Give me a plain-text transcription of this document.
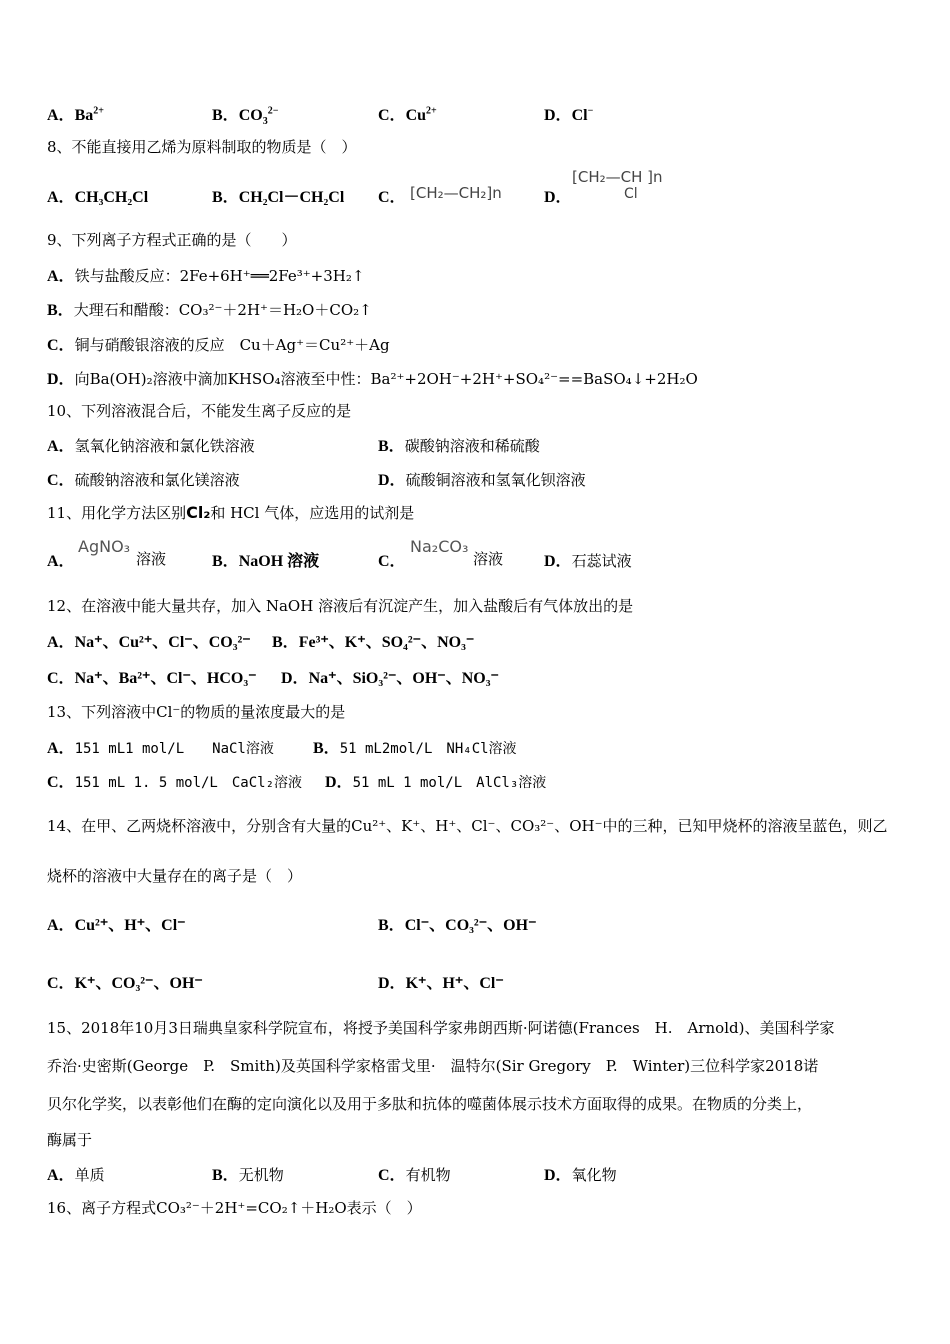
A．$Ba^{2+}$	B．$CO_3^{2-}$	C．$Cu^{2+}$	D．Cl−
8、不能直接用乙烯为原料制取的物质是（　）
A．CH₃CH₂Cl	B．CH₂Cl－CH₂Cl C． [CH₂—CH₂]n	D．
[CH₂—CH ]n
Cl
9、下列离子方程式正确的是（　　）
A．铁与盐酸反应：2Fe+6H⁺══2Fe³⁺+3H₂↑
B．大理石和醋酸：CO₃²⁻＋2H⁺＝H₂O＋CO₂↑
C．铜与硝酸银溶液的反应　Cu＋Ag⁺＝Cu²⁺＋Ag
D．向Ba(OH)₂溶液中滴加KHSO₄溶液至中性：Ba²⁺+2OH⁻+2H⁺+SO₄²⁻==BaSO₄↓+2H₂O
10、下列溶液混合后，不能发生离子反应的是
A．氢氧化钠溶液和氯化铁溶液	B．碳酸钠溶液和稀硫酸
C．硫酸钠溶液和氯化镁溶液	D．硫酸铜溶液和氢氧化钡溶液
11、用化学方法区别Cl₂和 HCl 气体，应选用的试剂是
A．
AgNO₃
溶液	B．NaOH 溶液	C．
Na₂CO₃
溶液	D．石蕊试液
12、在溶液中能大量共存，加入 NaOH 溶液后有沉淀产生，加入盐酸后有气体放出的是
A．Na⁺、Cu²⁺、Cl⁻、CO₃²⁻ B．Fe³⁺、K⁺、SO₄²⁻、NO₃⁻
C．Na⁺、Ba²⁺、Cl⁻、HCO₃⁻ D．Na⁺、SiO₃²⁻、OH⁻、NO₃⁻
13、下列溶液中Cl⁻的物质的量浓度最大的是
A．151 mL1 mol/L　　NaCl溶液 B．51 mL2mol/L　NH₄Cl溶液
C．151 mL 1. 5 mol/L　CaCl₂溶液 D．51 mL 1 mol/L　AlCl₃溶液
14、在甲、乙两烧杯溶液中，分别含有大量的Cu²⁺、K⁺、H⁺、Cl⁻、CO₃²⁻、OH⁻中的三种，已知甲烧杯的溶液呈蓝色，则乙
烧杯的溶液中大量存在的离子是（　）
A．Cu²⁺、H⁺、Cl⁻	B．Cl⁻、CO₃²⁻、OH⁻
C．K⁺、CO₃²⁻、OH⁻	D．K⁺、H⁺、Cl⁻
15、2018年10月3日瑞典皇家科学院宣布，将授予美国科学家弗朗西斯·阿诺德(Frances　H.　Arnold)、美国科学家
乔治·史密斯(George　P.　Smith)及英国科学家格雷戈里·　温特尔(Sir Gregory　P.　Winter)三位科学家2018诺
贝尔化学奖，以表彰他们在酶的定向演化以及用于多肽和抗体的噬菌体展示技术方面取得的成果。在物质的分类上，
酶属于
A．单质	B．无机物	C．有机物	D．氧化物
16、离子方程式CO₃²⁻＋2H⁺=CO₂↑＋H₂O表示（　）
